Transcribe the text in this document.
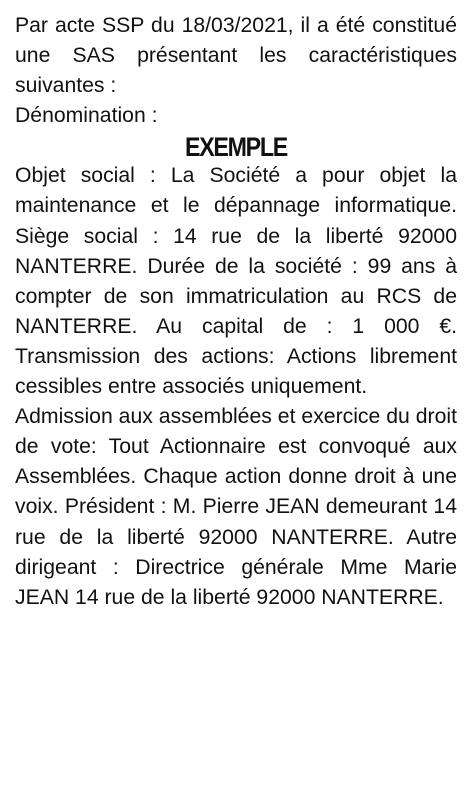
Par acte SSP du 18/03/2021, il a été constitué une SAS présentant les caractéristiques suivantes :

Dénomination :

EXEMPLE

Objet social : La Société a pour objet la maintenance et le dépannage informatique. Siège social : 14 rue de la liberté 92000 NANTERRE. Durée de la société : 99 ans à compter de son immatriculation au RCS de NANTERRE. Au capital de : 1 000 €. Transmission des actions: Actions librement cessibles entre associés uniquement.

Admission aux assemblées et exercice du droit de vote: Tout Actionnaire est convoqué aux Assemblées. Chaque action donne droit à une voix. Président : M. Pierre JEAN demeurant 14 rue de la liberté 92000 NANTERRE. Autre dirigeant : Directrice générale Mme Marie JEAN 14 rue de la liberté 92000 NANTERRE.
